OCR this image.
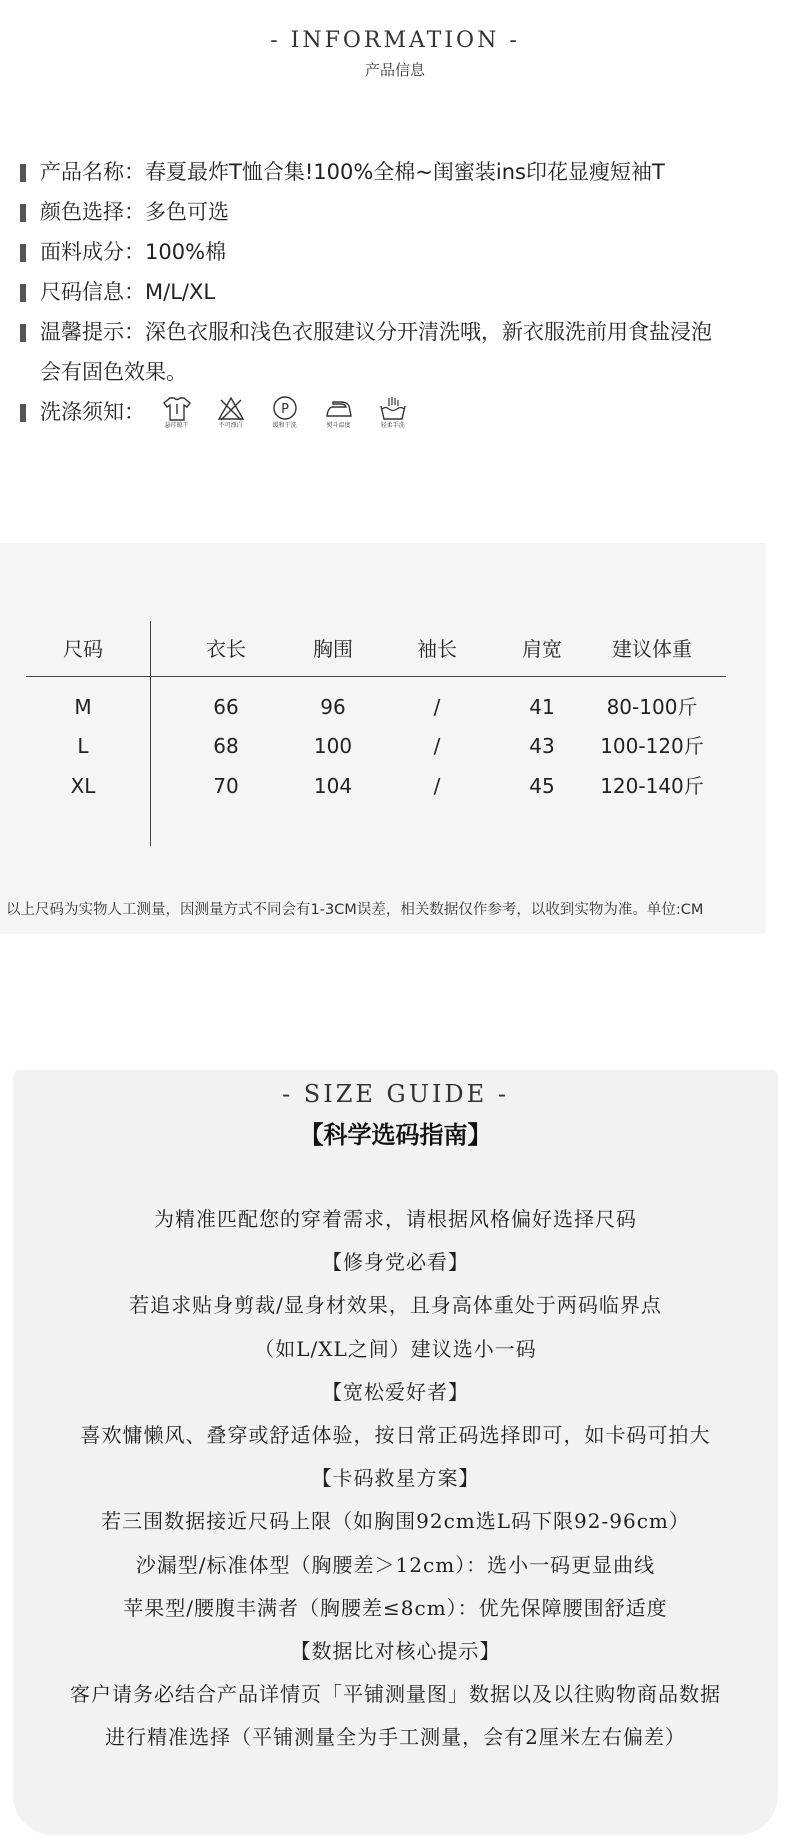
- INFORMATION -
产品信息
产品名称：春夏最炸T恤合集!100%全棉~闺蜜装ins印花显瘦短袖T
颜色选择：多色可选
面料成分：100%棉
尺码信息：M/L/XL
温馨提示：深色衣服和浅色衣服建议分开清洗哦，新衣服洗前用食盐浸泡
会有固色效果。
洗涤须知：
悬挂晾干	不可漂白
P
缓和干洗	熨斗温度	轻柔手洗
尺码	衣长	胸围	袖长	肩宽	建议体重
M	66	96	/	41	80-100斤
L	68	100	/	43	100-120斤
XL	70	104	/	45	120-140斤
以上尺码为实物人工测量，因测量方式不同会有1-3CM误差，相关数据仅作参考，以收到实物为准。单位:CM
- SIZE GUIDE -
【科学选码指南】
为精准匹配您的穿着需求，请根据风格偏好选择尺码
【修身党必看】
若追求贴身剪裁/显身材效果，且身高体重处于两码临界点
（如L/XL之间）建议选小一码
【宽松爱好者】
喜欢慵懒风、叠穿或舒适体验，按日常正码选择即可，如卡码可拍大
【卡码救星方案】
若三围数据接近尺码上限（如胸围92cm选L码下限92-96cm）
沙漏型/标准体型（胸腰差＞12cm）：选小一码更显曲线
苹果型/腰腹丰满者（胸腰差≤8cm）：优先保障腰围舒适度
【数据比对核心提示】
客户请务必结合产品详情页「平铺测量图」数据以及以往购物商品数据
进行精准选择（平铺测量全为手工测量，会有2厘米左右偏差）
